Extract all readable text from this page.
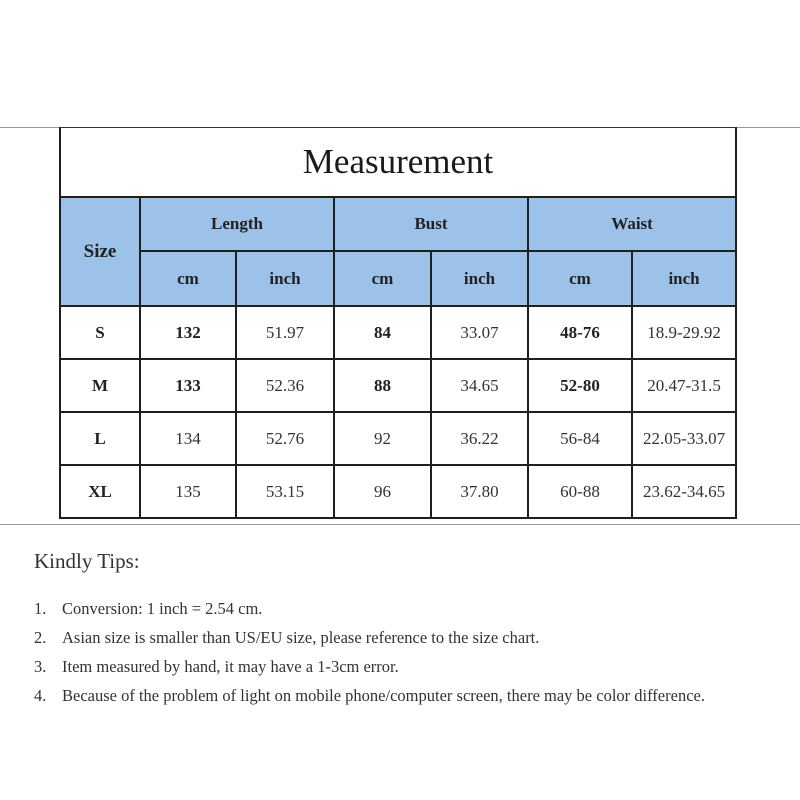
Measurement						
Size	Length		Bust		Waist	
	cm	inch	cm	inch	cm	inch
S	132	51.97	84	33.07	48-76	18.9-29.92
M	133	52.36	88	34.65	52-80	20.47-31.5
L	134	52.76	92	36.22	56-84	22.05-33.07
XL	135	53.15	96	37.80	60-88	23.62-34.65
Kindly Tips:
1. Conversion: 1 inch = 2.54 cm.
2. Asian size is smaller than US/EU size, please reference to the size chart.
3. Item measured by hand, it may have a 1-3cm error.
4. Because of the problem of light on mobile phone/computer screen, there may be color difference.
